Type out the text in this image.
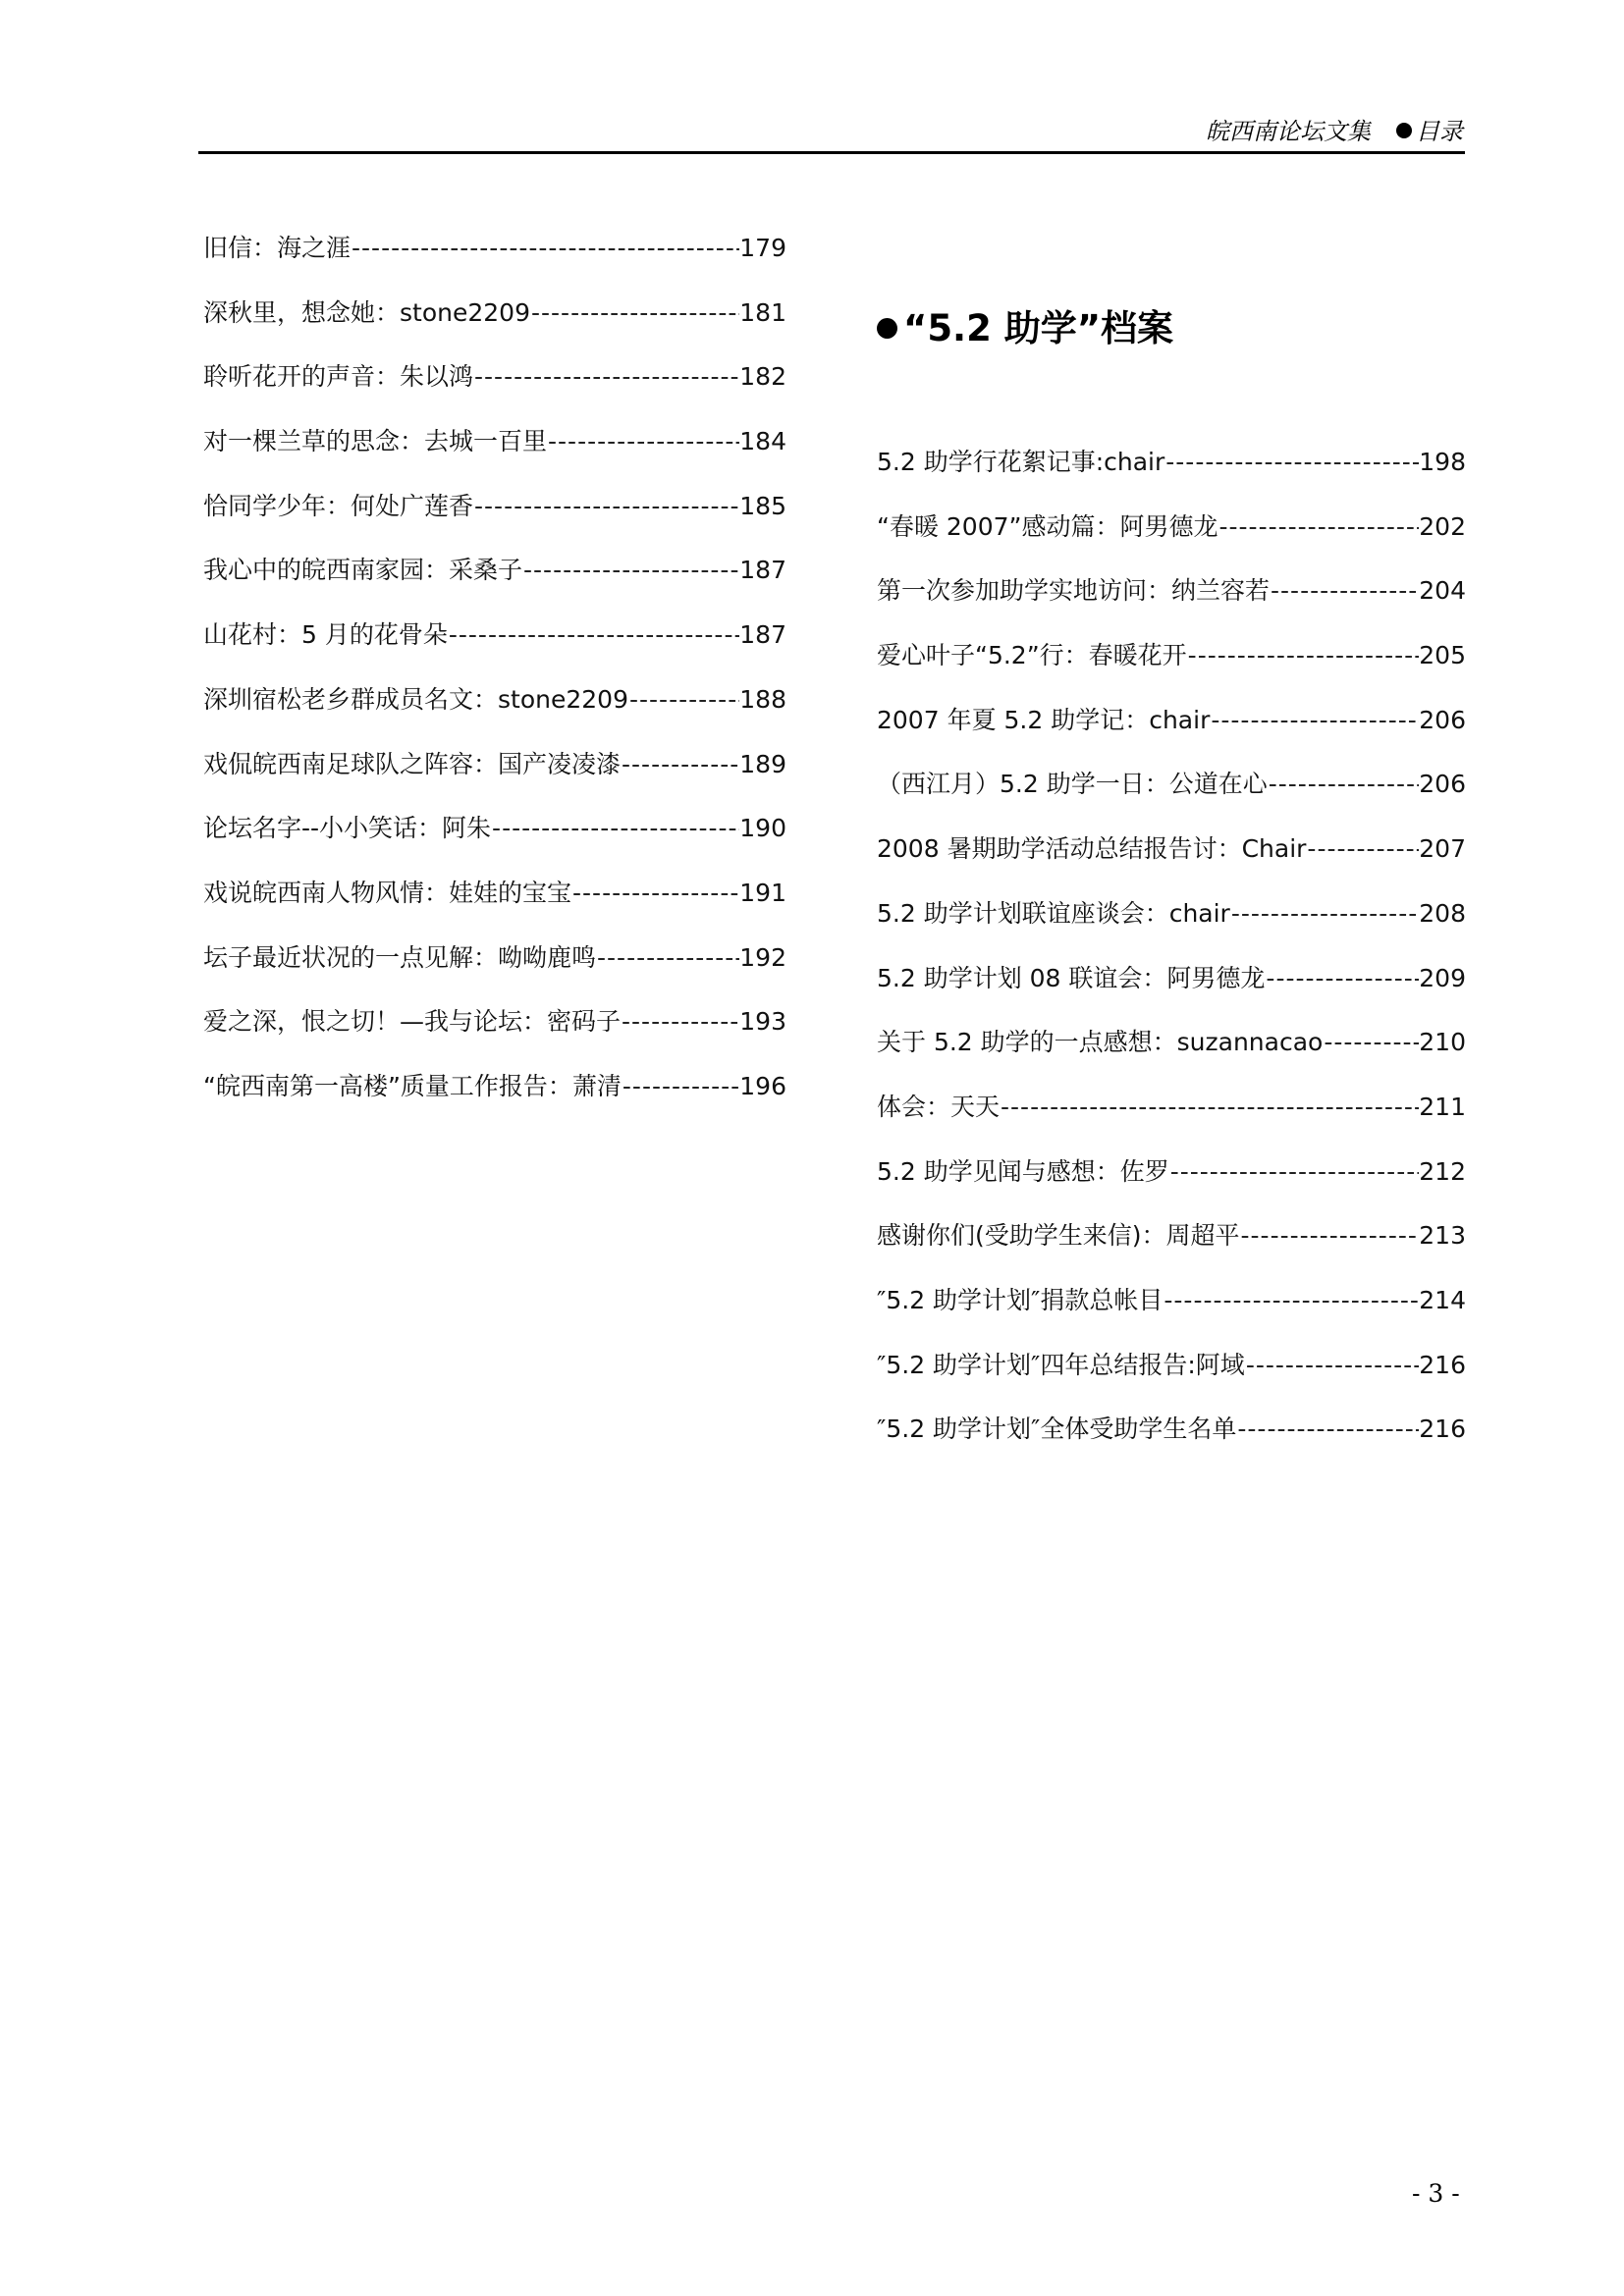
皖西南论坛文集 目录
旧信：海之涯 -----	179
深秋里，想念她：stone2209 -----	181
聆听花开的声音：朱以鸿 -----	182
对一棵兰草的思念：去城一百里 -----	184
恰同学少年：何处广莲香 -----	185
我心中的皖西南家园：采桑子 -----	187
山花村：5 月的花骨朵 -----	187
深圳宿松老乡群成员名文：stone2209 -----	188
戏侃皖西南足球队之阵容：国产凌凌漆 -----	189
论坛名字--小小笑话：阿朱 -----	190
戏说皖西南人物风情：娃娃的宝宝 -----	191
坛子最近状况的一点见解：呦呦鹿鸣 -----	192
爱之深，恨之切！—我与论坛：密码子 -----	193
“皖西南第一高楼”质量工作报告：萧清 -----	196
“5.2 助学”档案
5.2 助学行花絮记事:chair -----	198
“春暖 2007”感动篇：阿男德龙 -----	202
第一次参加助学实地访问：纳兰容若 -----	204
爱心叶子“5.2”行：春暖花开 -----	205
2007 年夏 5.2 助学记：chair -----	206
（西江月）5.2 助学一日：公道在心 -----	206
2008 暑期助学活动总结报告讨：Chair -----	207
5.2 助学计划联谊座谈会：chair -----	208
5.2 助学计划 08 联谊会：阿男德龙 -----	209
关于 5.2 助学的一点感想：suzannacao -----	210
体会：天天 -----	211
5.2 助学见闻与感想：佐罗 -----	212
感谢你们(受助学生来信)：周超平 -----	213
″5.2 助学计划″捐款总帐目 -----	214
″5.2 助学计划″四年总结报告:阿域 -----	216
″5.2 助学计划″全体受助学生名单 -----	216
- 3 -
